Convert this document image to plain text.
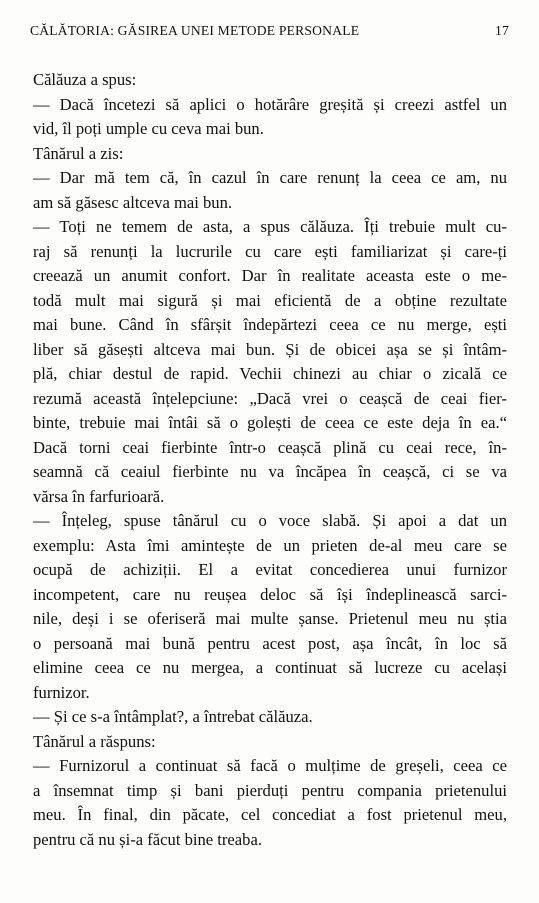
CĂLĂTORIA: GĂSIREA UNEI METODE PERSONALE	17
Călăuza a spus:
— Dacă încetezi să aplici o hotărâre greșită și creezi astfel un
vid, îl poți umple cu ceva mai bun.
Tânărul a zis:
— Dar mă tem că, în cazul în care renunț la ceea ce am, nu
am să găsesc altceva mai bun.
— Toți ne temem de asta, a spus călăuza. Îți trebuie mult cu-
raj să renunți la lucrurile cu care ești familiarizat și care-ți
creează un anumit confort. Dar în realitate aceasta este o me-
todă mult mai sigură și mai eficientă de a obține rezultate
mai bune. Când în sfârșit îndepărtezi ceea ce nu merge, ești
liber să găsești altceva mai bun. Și de obicei așa se și întâm-
plă, chiar destul de rapid. Vechii chinezi au chiar o zicală ce
rezumă această înțelepciune: „Dacă vrei o ceașcă de ceai fier-
binte, trebuie mai întâi să o golești de ceea ce este deja în ea.“
Dacă torni ceai fierbinte într-o ceașcă plină cu ceai rece, în-
seamnă că ceaiul fierbinte nu va încăpea în ceașcă, ci se va
vărsa în farfurioară.
— Înțeleg, spuse tânărul cu o voce slabă. Și apoi a dat un
exemplu: Asta îmi amintește de un prieten de-al meu care se
ocupă de achiziții. El a evitat concedierea unui furnizor
incompetent, care nu reușea deloc să își îndeplinească sarci-
nile, deși i se oferiseră mai multe șanse. Prietenul meu nu știa
o persoană mai bună pentru acest post, așa încât, în loc să
elimine ceea ce nu mergea, a continuat să lucreze cu același
furnizor.
— Și ce s-a întâmplat?, a întrebat călăuza.
Tânărul a răspuns:
— Furnizorul a continuat să facă o mulțime de greșeli, ceea ce
a însemnat timp și bani pierduți pentru compania prietenului
meu. În final, din păcate, cel concediat a fost prietenul meu,
pentru că nu și-a făcut bine treaba.
